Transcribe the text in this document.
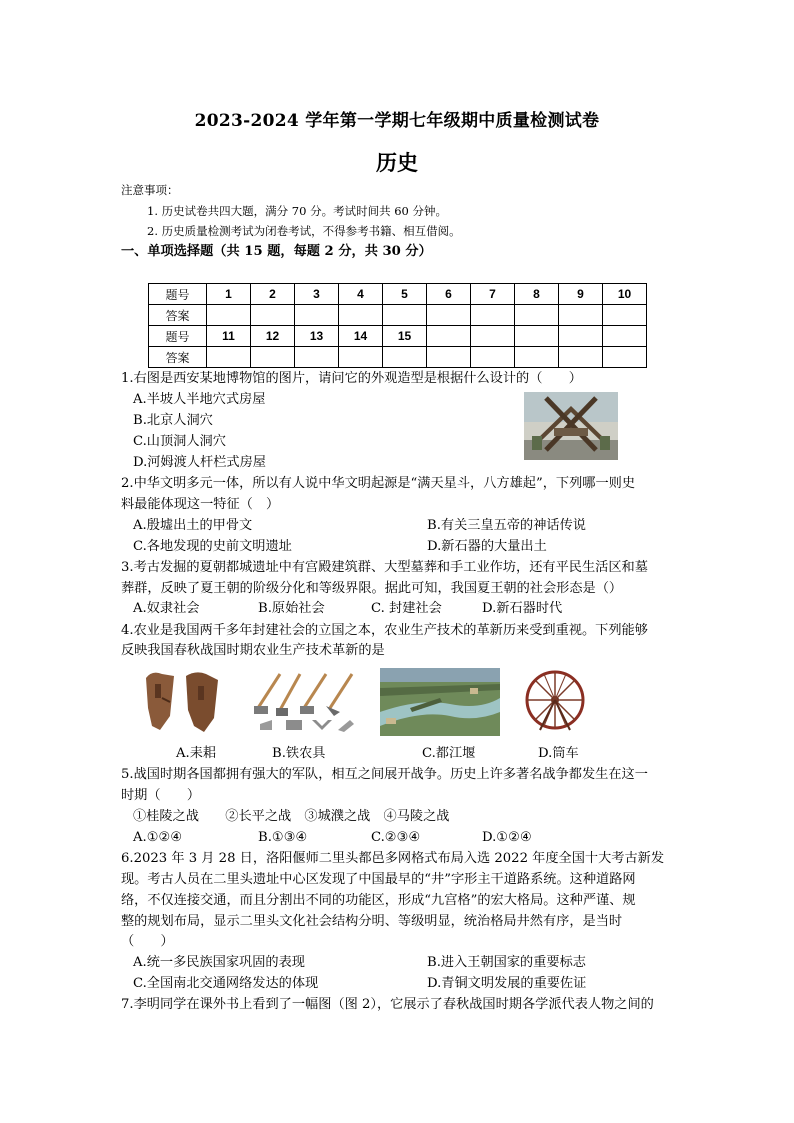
2023-2024 学年第一学期七年级期中质量检测试卷
历史
注意事项：
1. 历史试卷共四大题，满分 70 分。考试时间共 60 分钟。
2. 历史质量检测考试为闭卷考试，不得参考书籍、相互借阅。
一、单项选择题（共 15 题，每题 2 分，共 30 分）
题号	1	2	3	4	5	6	7	8	9	10
答案										
题号	11	12	13	14	15					
答案										
1.右图是西安某地博物馆的图片，请问它的外观造型是根据什么设计的（　　）
A.半坡人半地穴式房屋
B.北京人洞穴
C.山顶洞人洞穴
D.河姆渡人杆栏式房屋
2.中华文明多元一体，所以有人说中华文明起源是“满天星斗，八方雄起”，下列哪一则史
料最能体现这一特征（　）
A.殷墟出土的甲骨文	B.有关三皇五帝的神话传说
C.各地发现的史前文明遗址	D.新石器的大量出土
3.考古发掘的夏朝都城遗址中有宫殿建筑群、大型墓葬和手工业作坊，还有平民生活区和墓
葬群，反映了夏王朝的阶级分化和等级界限。据此可知，我国夏王朝的社会形态是（）
A.奴隶社会	B.原始社会	C. 封建社会	D.新石器时代
4.农业是我国两千多年封建社会的立国之本，农业生产技术的革新历来受到重视。下列能够
反映我国春秋战国时期农业生产技术革新的是
A.耒耜	B.铁农具	C.都江堰	D.筒车
5.战国时期各国都拥有强大的军队，相互之间展开战争。历史上许多著名战争都发生在这一
时期（　　）
①桂陵之战　　②长平之战　③城濮之战　④马陵之战
A.①②④	B.①③④	C.②③④	D.①②④
6.2023 年 3 月 28 日，洛阳偃师二里头都邑多网格式布局入选 2022 年度全国十大考古新发
现。考古人员在二里头遗址中心区发现了中国最早的“井”字形主干道路系统。这种道路网
络，不仅连接交通，而且分割出不同的功能区，形成“九宫格”的宏大格局。这种严谨、规
整的规划布局，显示二里头文化社会结构分明、等级明显，统治格局井然有序，是当时
（　　）
A.统一多民族国家巩固的表现	B.进入王朝国家的重要标志
C.全国南北交通网络发达的体现	D.青铜文明发展的重要佐证
7.李明同学在课外书上看到了一幅图（图 2），它展示了春秋战国时期各学派代表人物之间的
